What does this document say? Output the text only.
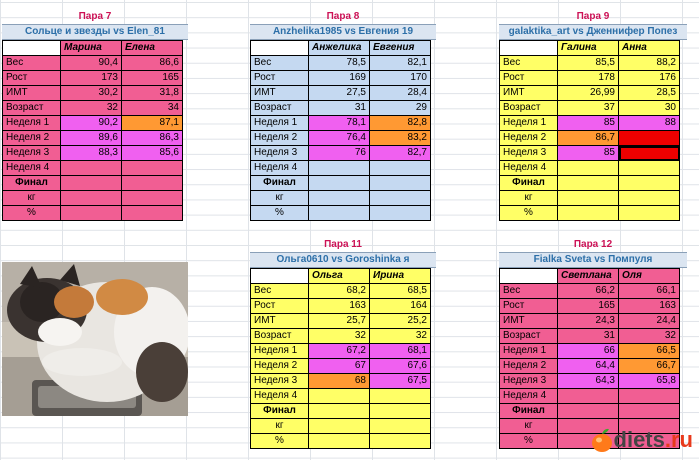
Пара 7
Сольце и звезды vs Elen_81
	Марина	Елена
Вес	90,4	86,6
Рост	173	165
ИМТ	30,2	31,8
Возраст	32	34
Неделя 1	90,2	87,1
Неделя 2	89,6	86,3
Неделя 3	88,3	85,6
Неделя 4		
Финал		
кг		
%		
Пара 8
Anzhelika1985 vs Евгения 19
	Анжелика	Евгения
Вес	78,5	82,1
Рост	169	170
ИМТ	27,5	28,4
Возраст	31	29
Неделя 1	78,1	82,8
Неделя 2	76,4	83,2
Неделя 3	76	82,7
Неделя 4		
Финал		
кг		
%		
Пара 9
galaktika_art vs Дженнифер Попез
	Галина	Анна
Вес	85,5	88,2
Рост	178	176
ИМТ	26,99	28,5
Возраст	37	30
Неделя 1	85	88
Неделя 2	86,7	
Неделя 3	85	
Неделя 4		
Финал		
кг		
%		
Пара 11
Ольга0610 vs Goroshinka я
	Ольга	Ирина
Вес	68,2	68,5
Рост	163	164
ИМТ	25,7	25,2
Возраст	32	32
Неделя 1	67,2	68,1
Неделя 2	67	67,6
Неделя 3	68	67,5
Неделя 4		
Финал		
кг		
%		
Пара 12
Fialka Sveta vs Помпуля
	Светлана	Оля
Вес	66,2	66,1
Рост	165	163
ИМТ	24,3	24,4
Возраст	31	32
Неделя 1	66	66,5
Неделя 2	64,4	66,7
Неделя 3	64,3	65,8
Неделя 4		
Финал		
кг		
%			diets.ru
